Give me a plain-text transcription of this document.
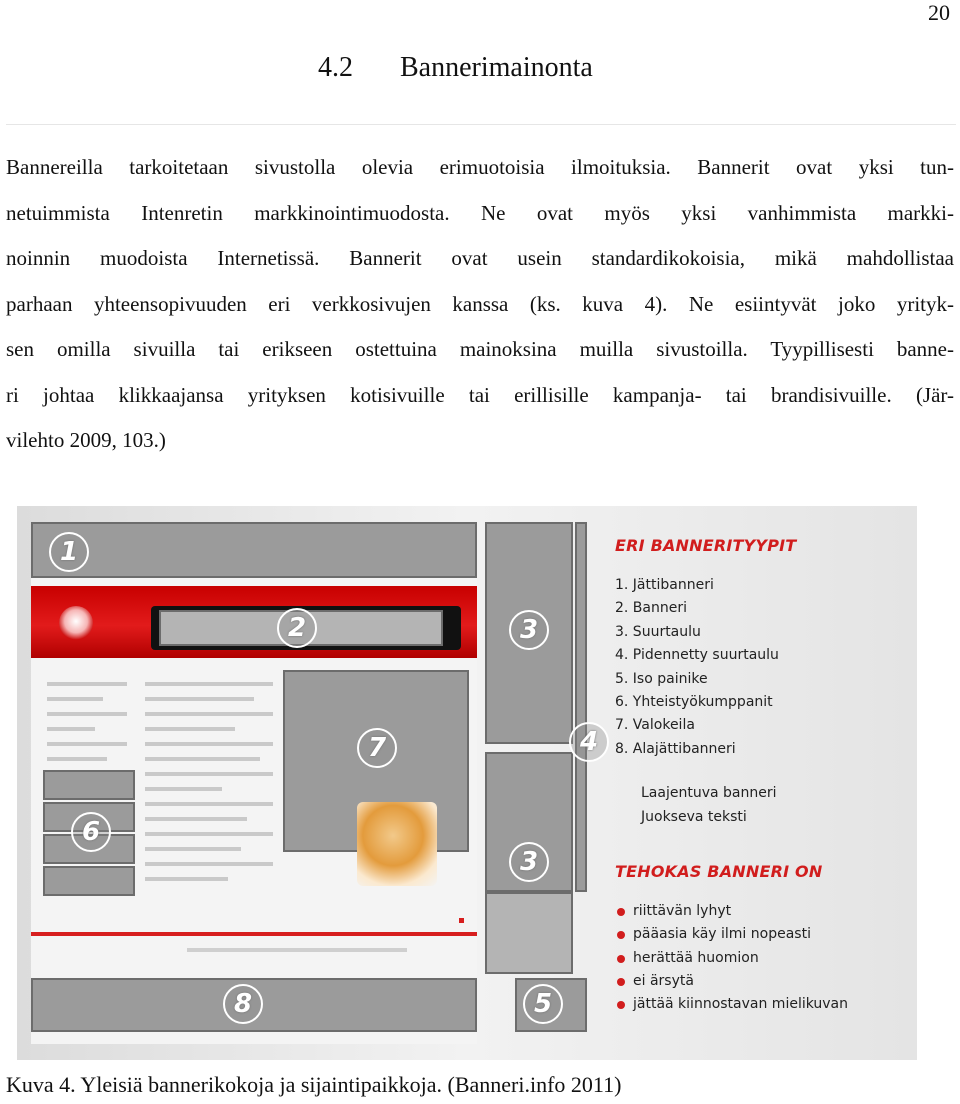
20
4.2 Bannerimainonta
Bannereilla tarkoitetaan sivustolla olevia erimuotoisia ilmoituksia. Bannerit ovat yksi tun-
netuimmista Intenretin markkinointimuodosta. Ne ovat myös yksi vanhimmista markki-
noinnin muodoista Internetissä. Bannerit ovat usein standardikokoisia, mikä mahdollistaa
parhaan yhteensopivuuden eri verkkosivujen kanssa (ks. kuva 4). Ne esiintyvät joko yrityk-
sen omilla sivuilla tai erikseen ostettuina mainoksina muilla sivustoilla. Tyypillisesti banne-
ri johtaa klikkaajansa yrityksen kotisivuille tai erillisille kampanja- tai brandisivuille. (Jär-
vilehto 2009, 103.)
1
2	3
4
5
6
7
8
3
ERI BANNERITYYPIT
1. Jättibanneri
2. Banneri
3. Suurtaulu
4. Pidennetty suurtaulu
5. Iso painike
6. Yhteistyökumppanit
7. Valokeila
8. Alajättibanneri
Laajentuva banneri
Juokseva teksti
TEHOKAS BANNERI ON
riittävän lyhyt
pääasia käy ilmi nopeasti
herättää huomion
ei ärsytä
jättää kiinnostavan mielikuvan
Kuva 4. Yleisiä bannerikokoja ja sijaintipaikkoja. (Banneri.info 2011)
